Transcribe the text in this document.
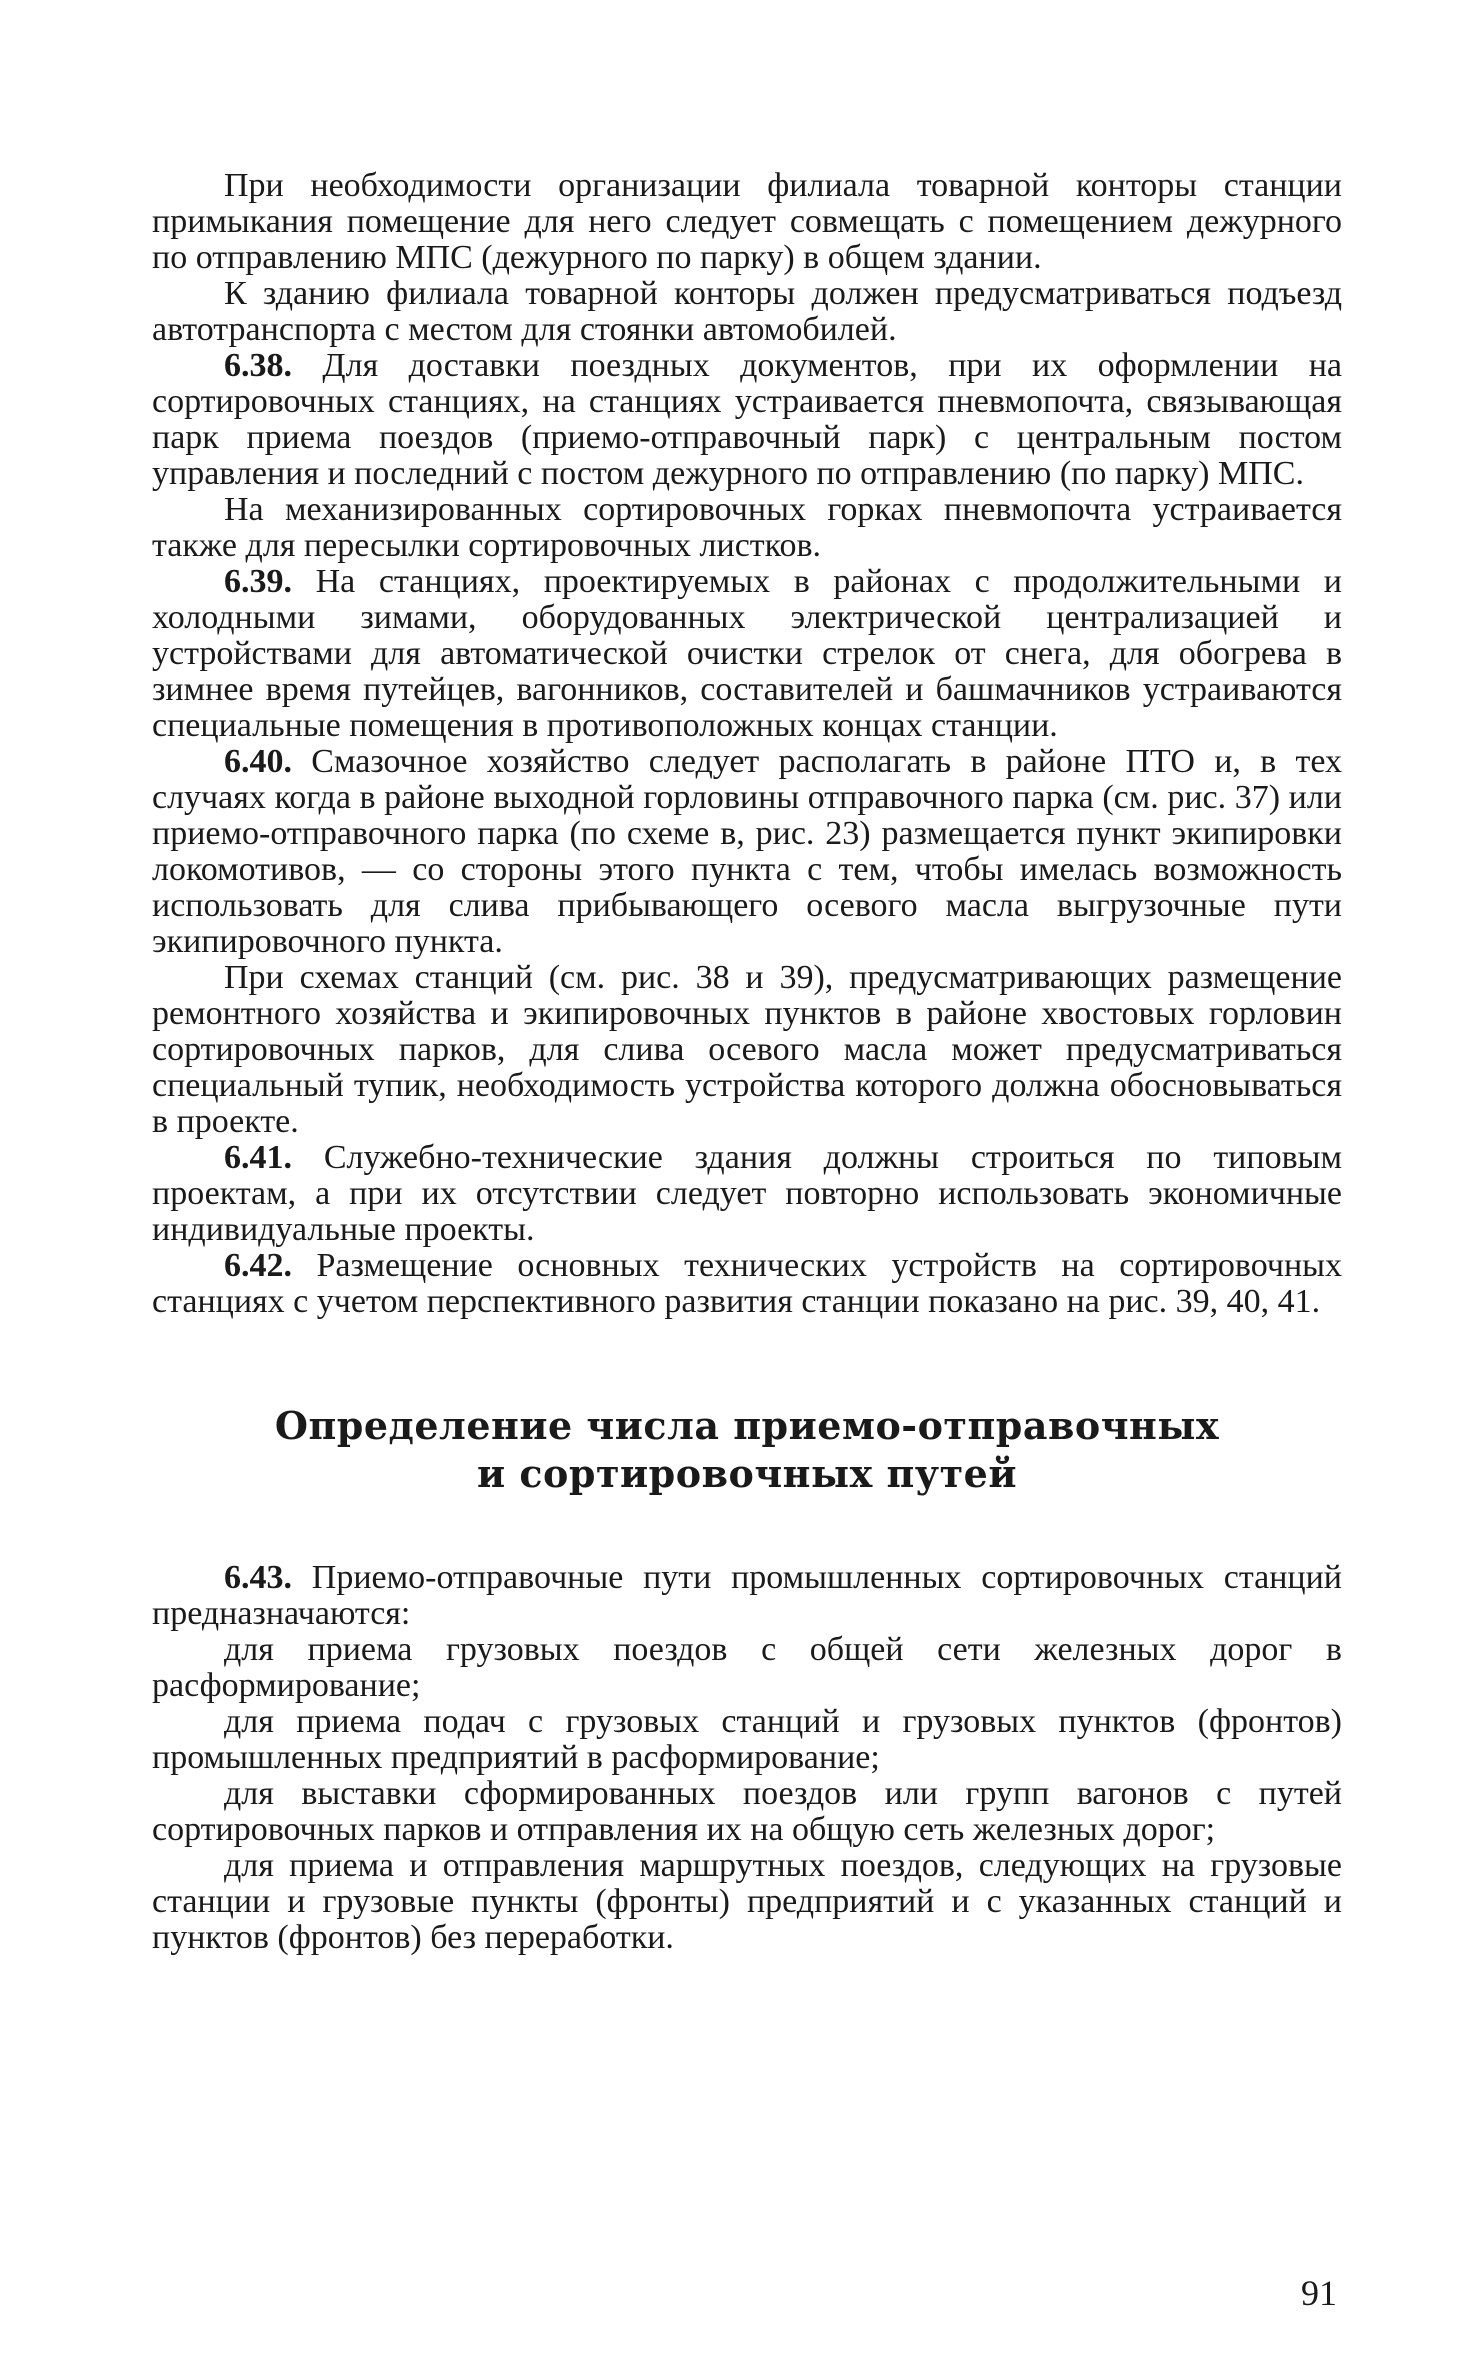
При необходимости организации филиала товарной конторы станции примыкания помещение для него следует совмещать с помещением дежурного по отправлению МПС (дежурного по парку) в общем здании.

К зданию филиала товарной конторы должен предусматриваться подъезд автотранспорта с местом для стоянки автомобилей.

6.38. Для доставки поездных документов, при их оформлении на сортировочных станциях, на станциях устраивается пневмопочта, связывающая парк приема поездов (приемо-отправочный парк) с центральным постом управления и последний с постом дежурного по отправлению (по парку) МПС.

На механизированных сортировочных горках пневмопочта устраивается также для пересылки сортировочных листков.

6.39. На станциях, проектируемых в районах с продолжительными и холодными зимами, оборудованных электрической централизацией и устройствами для автоматической очистки стрелок от снега, для обогрева в зимнее время путейцев, вагонников, составителей и башмачников устраиваются специальные помещения в противоположных концах станции.

6.40. Смазочное хозяйство следует располагать в районе ПТО и, в тех случаях когда в районе выходной горловины отправочного парка (см. рис. 37) или приемо-отправочного парка (по схеме в, рис. 23) размещается пункт экипировки локомотивов, — со стороны этого пункта с тем, чтобы имелась возможность использовать для слива прибывающего осевого масла выгрузочные пути экипировочного пункта.

При схемах станций (см. рис. 38 и 39), предусматривающих размещение ремонтного хозяйства и экипировочных пунктов в районе хвостовых горловин сортировочных парков, для слива осевого масла может предусматриваться специальный тупик, необходимость устройства которого должна обосновываться в проекте.

6.41. Служебно-технические здания должны строиться по типовым проектам, а при их отсутствии следует повторно использовать экономичные индивидуальные проекты.

6.42. Размещение основных технических устройств на сортировочных станциях с учетом перспективного развития станции показано на рис. 39, 40, 41.

Определение числа приемо-отправочных
и сортировочных путей

6.43. Приемо-отправочные пути промышленных сортировочных станций предназначаются:

для приема грузовых поездов с общей сети железных дорог в расформирование;

для приема подач с грузовых станций и грузовых пунктов (фронтов) промышленных предприятий в расформирование;

для выставки сформированных поездов или групп вагонов с путей сортировочных парков и отправления их на общую сеть железных дорог;

для приема и отправления маршрутных поездов, следующих на грузовые станции и грузовые пункты (фронты) предприятий и с указанных станций и пунктов (фронтов) без переработки.

91
